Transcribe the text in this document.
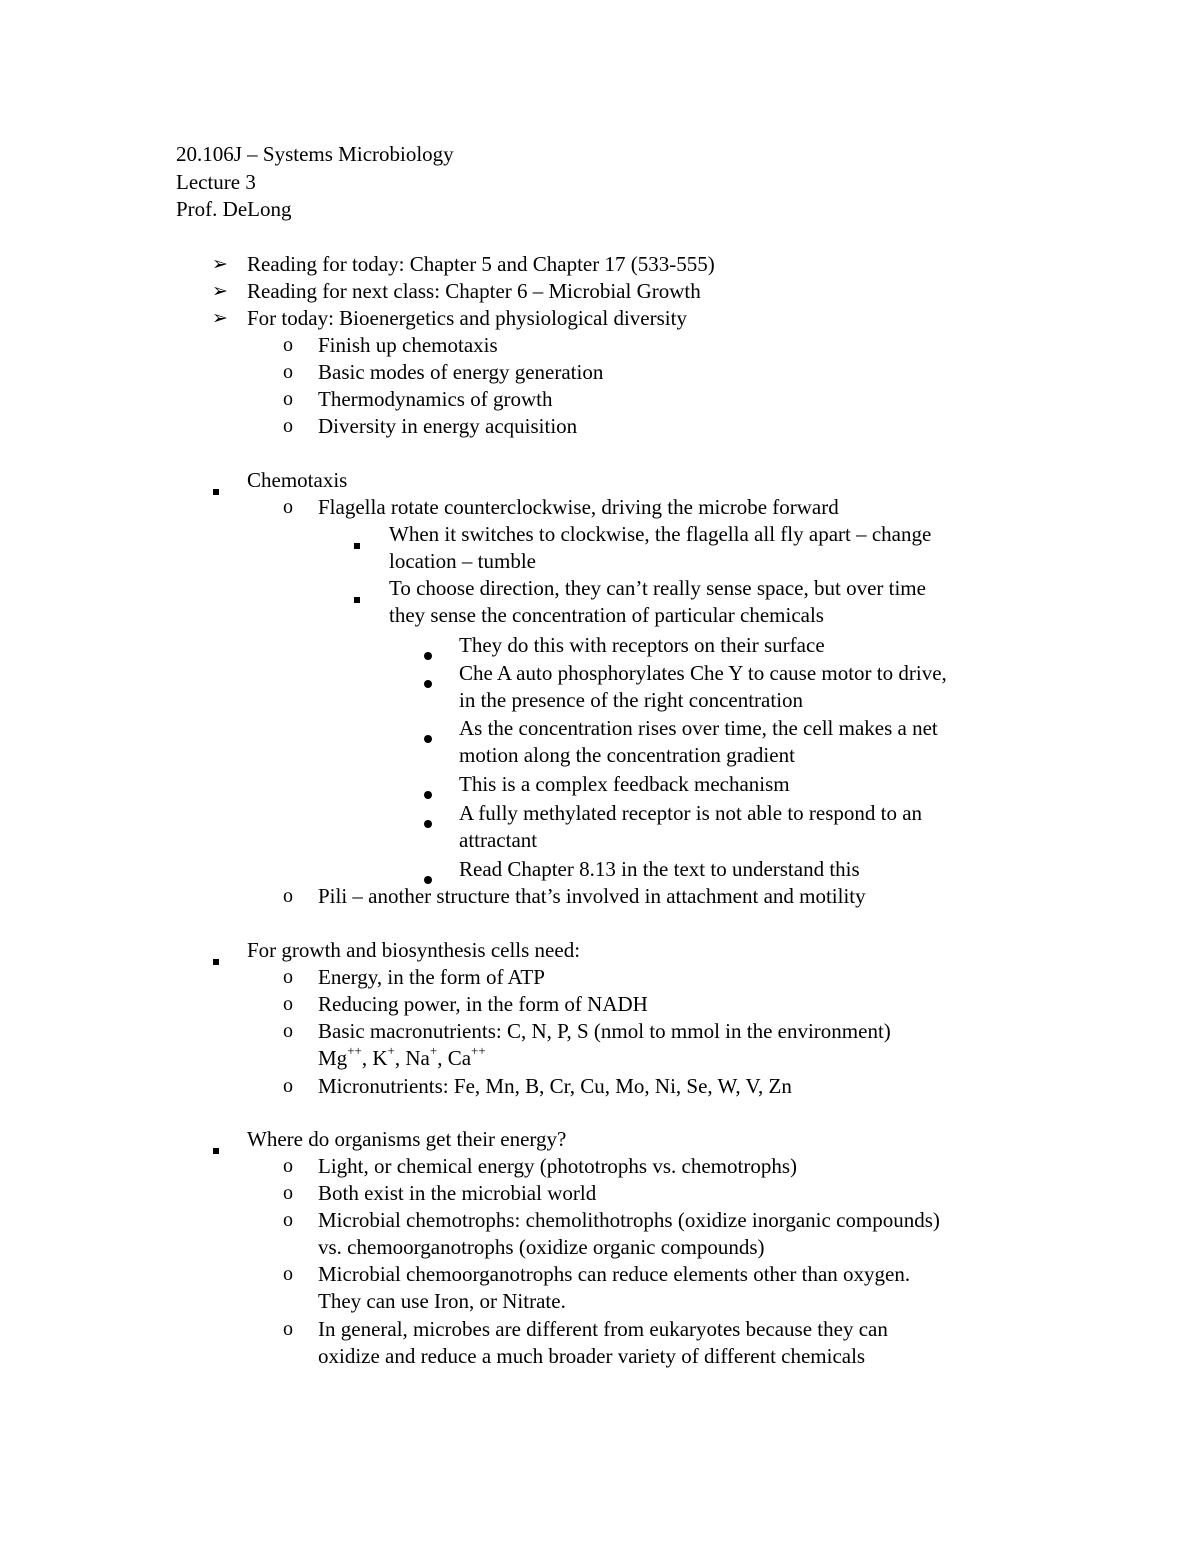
20.106J – Systems Microbiology
Lecture 3
Prof. DeLong
➢ Reading for today: Chapter 5 and Chapter 17 (533-555)
➢ Reading for next class: Chapter 6 – Microbial Growth
➢ For today: Bioenergetics and physiological diversity
o Finish up chemotaxis
o Basic modes of energy generation
o Thermodynamics of growth
o Diversity in energy acquisition
Chemotaxis
o Flagella rotate counterclockwise, driving the microbe forward
When it switches to clockwise, the flagella all fly apart – change
location – tumble
To choose direction, they can’t really sense space, but over time
they sense the concentration of particular chemicals
They do this with receptors on their surface
Che A auto phosphorylates Che Y to cause motor to drive,
in the presence of the right concentration
As the concentration rises over time, the cell makes a net
motion along the concentration gradient
This is a complex feedback mechanism
A fully methylated receptor is not able to respond to an
attractant
Read Chapter 8.13 in the text to understand this
o Pili – another structure that’s involved in attachment and motility
For growth and biosynthesis cells need:
o Energy, in the form of ATP
o Reducing power, in the form of NADH
o Basic macronutrients: C, N, P, S (nmol to mmol in the environment)
Mg++, K+, Na+, Ca++
o Micronutrients: Fe, Mn, B, Cr, Cu, Mo, Ni, Se, W, V, Zn
Where do organisms get their energy?
o Light, or chemical energy (phototrophs vs. chemotrophs)
o Both exist in the microbial world
o Microbial chemotrophs: chemolithotrophs (oxidize inorganic compounds)
vs. chemoorganotrophs (oxidize organic compounds)
o Microbial chemoorganotrophs can reduce elements other than oxygen.
They can use Iron, or Nitrate.
o In general, microbes are different from eukaryotes because they can
oxidize and reduce a much broader variety of different chemicals
